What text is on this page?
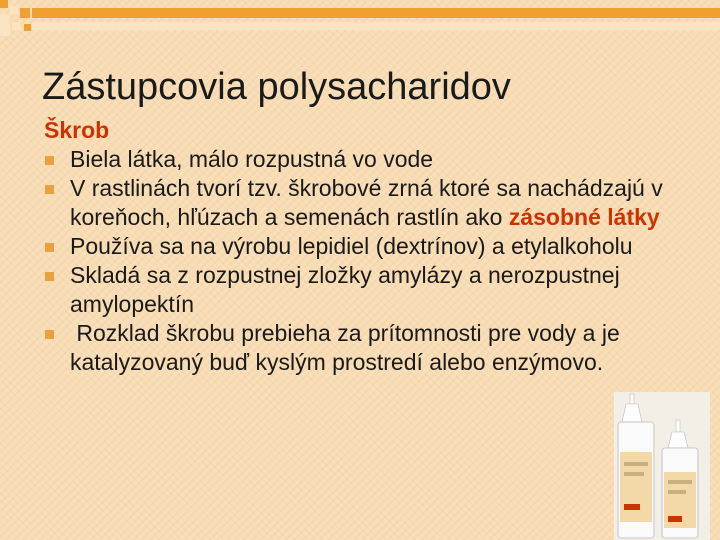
Zástupcovia polysacharidov
Škrob
Biela látka, málo rozpustná vo vode
V rastlinách tvorí tzv. škrobové zrná ktoré sa nachádzajú v koreňoch, hľúzach a semenách rastlín ako zásobné látky
Používa sa na výrobu lepidiel (dextrínov) a etylalkoholu
Skladá sa z rozpustnej zložky amylázy a nerozpustnej amylopektín
Rozklad škrobu prebieha za prítomnosti pre vody a je katalyzovaný buď kyslým prostredí alebo enzýmovo.
